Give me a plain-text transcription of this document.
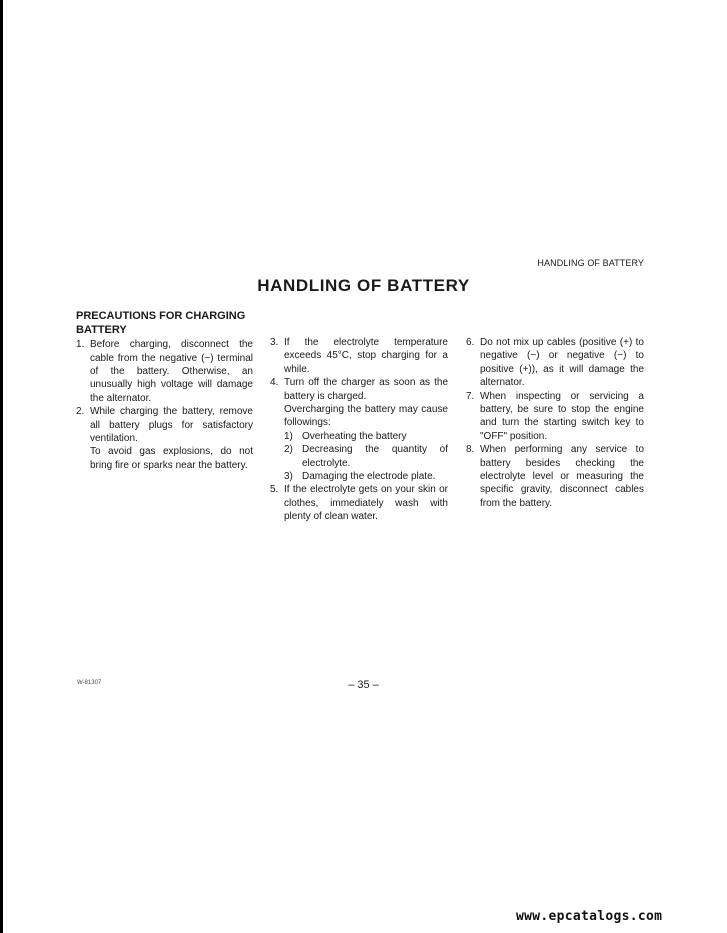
HANDLING OF BATTERY
HANDLING OF BATTERY
PRECAUTIONS FOR CHARGING
BATTERY
1. Before charging, disconnect the cable from the negative (−) terminal of the battery. Otherwise, an unusually high voltage will damage the alternator.
2. While charging the battery, remove all battery plugs for satisfactory ventilation.
To avoid gas explosions, do not bring fire or sparks near the battery.
3. If the electrolyte temperature exceeds 45°C, stop charging for a while.
4. Turn off the charger as soon as the battery is charged.
Overcharging the battery may cause followings:
1) Overheating the battery
2) Decreasing the quantity of electrolyte.
3) Damaging the electrode plate.
5. If the electrolyte gets on your skin or clothes, immediately wash with plenty of clean water.
6. Do not mix up cables (positive (+) to negative (−) or negative (−) to positive (+)), as it will damage the alternator.
7. When inspecting or servicing a battery, be sure to stop the engine and turn the starting switch key to "OFF" position.
8. When performing any service to battery besides checking the electrolyte level or measuring the specific gravity, disconnect cables from the battery.
W-81307	– 35 –
www.epcatalogs.com
